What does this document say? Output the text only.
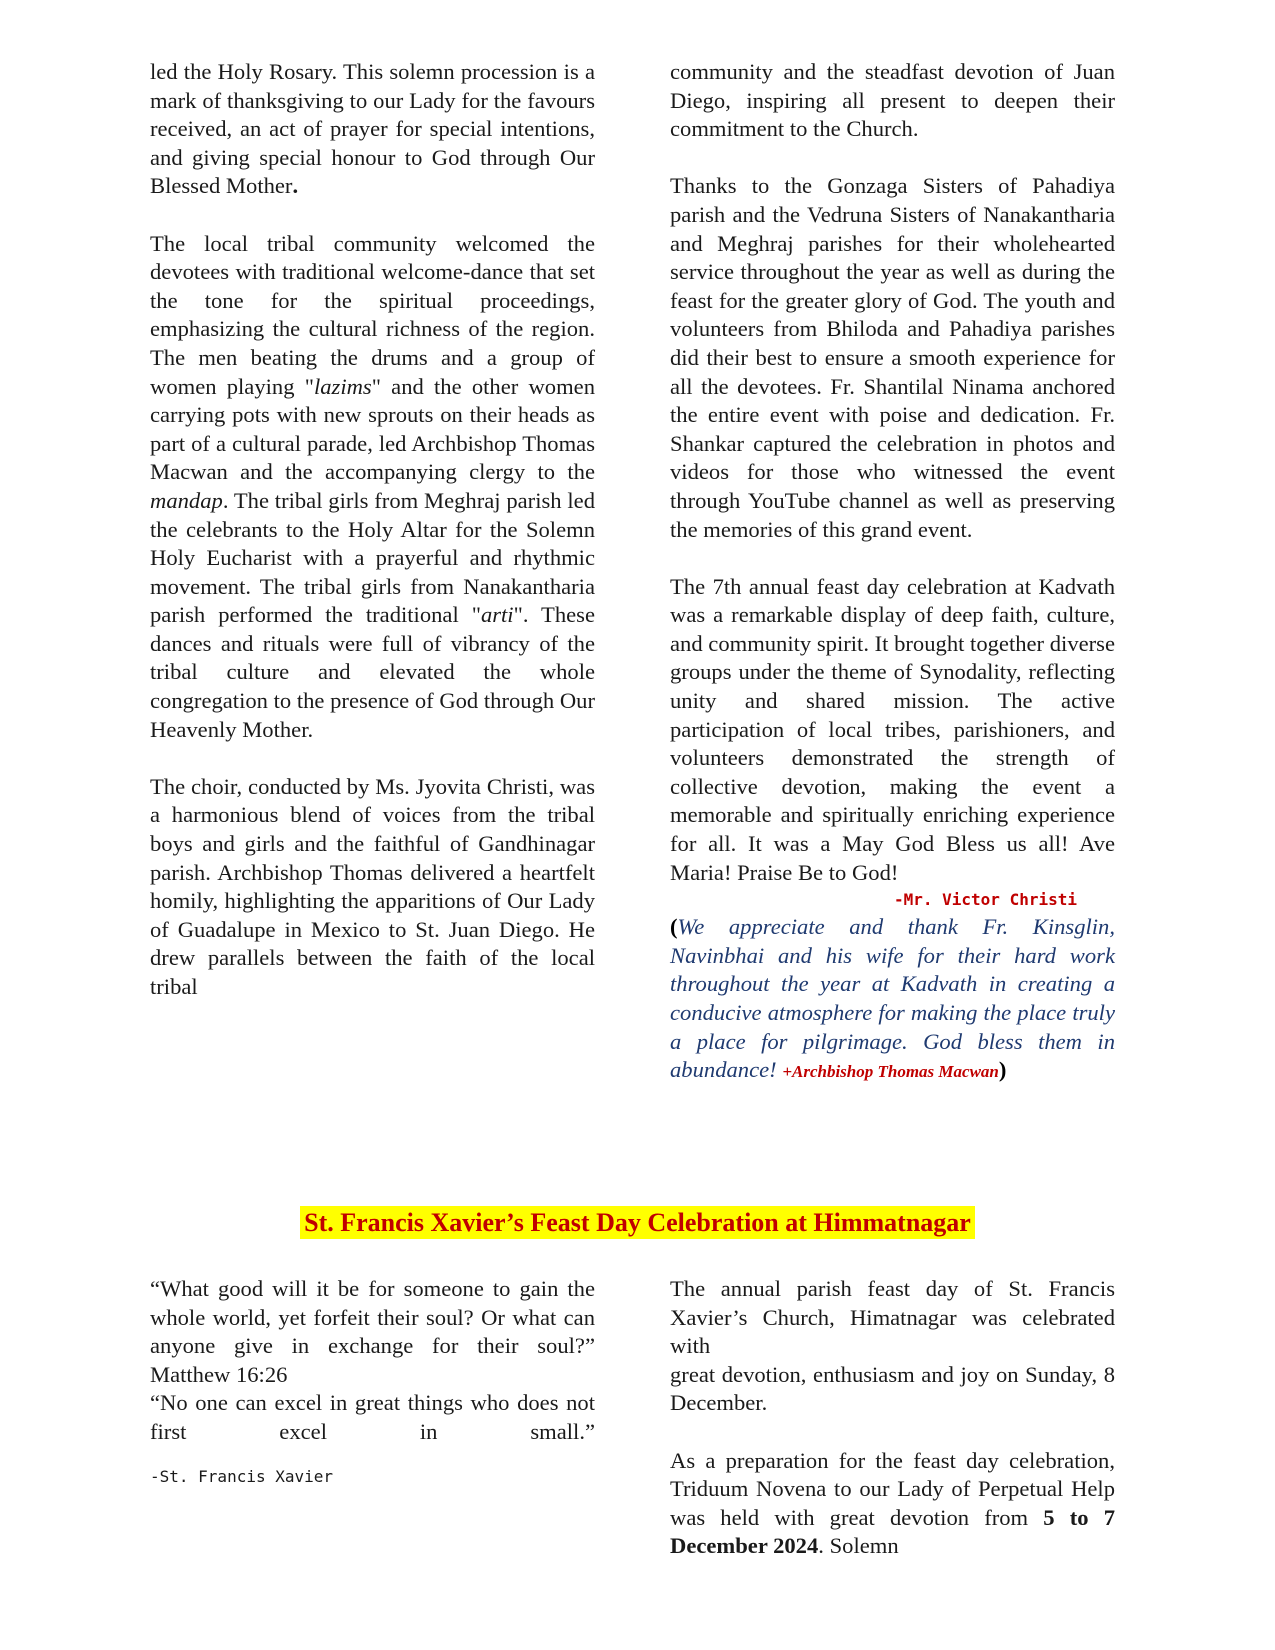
led the Holy Rosary. This solemn procession is a mark of thanksgiving to our Lady for the favours received, an act of prayer for special intentions, and giving special honour to God through Our Blessed Mother.

The local tribal community welcomed the devotees with traditional welcome-dance that set the tone for the spiritual proceedings, emphasizing the cultural richness of the region. The men beating the drums and a group of women playing "lazims" and the other women carrying pots with new sprouts on their heads as part of a cultural parade, led Archbishop Thomas Macwan and the accompanying clergy to the mandap. The tribal girls from Meghraj parish led the celebrants to the Holy Altar for the Solemn Holy Eucharist with a prayerful and rhythmic movement. The tribal girls from Nanakantharia parish performed the traditional "arti". These dances and rituals were full of vibrancy of the tribal culture and elevated the whole congregation to the presence of God through Our Heavenly Mother.

The choir, conducted by Ms. Jyovita Christi, was a harmonious blend of voices from the tribal boys and girls and the faithful of Gandhinagar parish. Archbishop Thomas delivered a heartfelt homily, highlighting the apparitions of Our Lady of Guadalupe in Mexico to St. Juan Diego. He drew parallels between the faith of the local tribal

community and the steadfast devotion of Juan Diego, inspiring all present to deepen their commitment to the Church.

Thanks to the Gonzaga Sisters of Pahadiya parish and the Vedruna Sisters of Nanakantharia and Meghraj parishes for their wholehearted service throughout the year as well as during the feast for the greater glory of God. The youth and volunteers from Bhiloda and Pahadiya parishes did their best to ensure a smooth experience for all the devotees. Fr. Shantilal Ninama anchored the entire event with poise and dedication. Fr. Shankar captured the celebration in photos and videos for those who witnessed the event through YouTube channel as well as preserving the memories of this grand event.

The 7th annual feast day celebration at Kadvath was a remarkable display of deep faith, culture, and community spirit. It brought together diverse groups under the theme of Synodality, reflecting unity and shared mission. The active participation of local tribes, parishioners, and volunteers demonstrated the strength of collective devotion, making the event a memorable and spiritually enriching experience for all. It was a May God Bless us all! Ave Maria! Praise Be to God!

-Mr. Victor Christi

(We appreciate and thank Fr. Kinsglin, Navinbhai and his wife for their hard work throughout the year at Kadvath in creating a conducive atmosphere for making the place truly a place for pilgrimage. God bless them in abundance! +Archbishop Thomas Macwan)

St. Francis Xavier’s Feast Day Celebration at Himmatnagar

“What good will it be for someone to gain the whole world, yet forfeit their soul? Or what can anyone give in exchange for their soul?” Matthew 16:26

“No one can excel in great things who does not first excel in small.”

-St. Francis Xavier

The annual parish feast day of St. Francis Xavier’s Church, Himatnagar was celebrated with
great devotion, enthusiasm and joy on Sunday, 8 December.

As a preparation for the feast day celebration, Triduum Novena to our Lady of Perpetual Help was held with great devotion from 5 to 7 December 2024. Solemn
